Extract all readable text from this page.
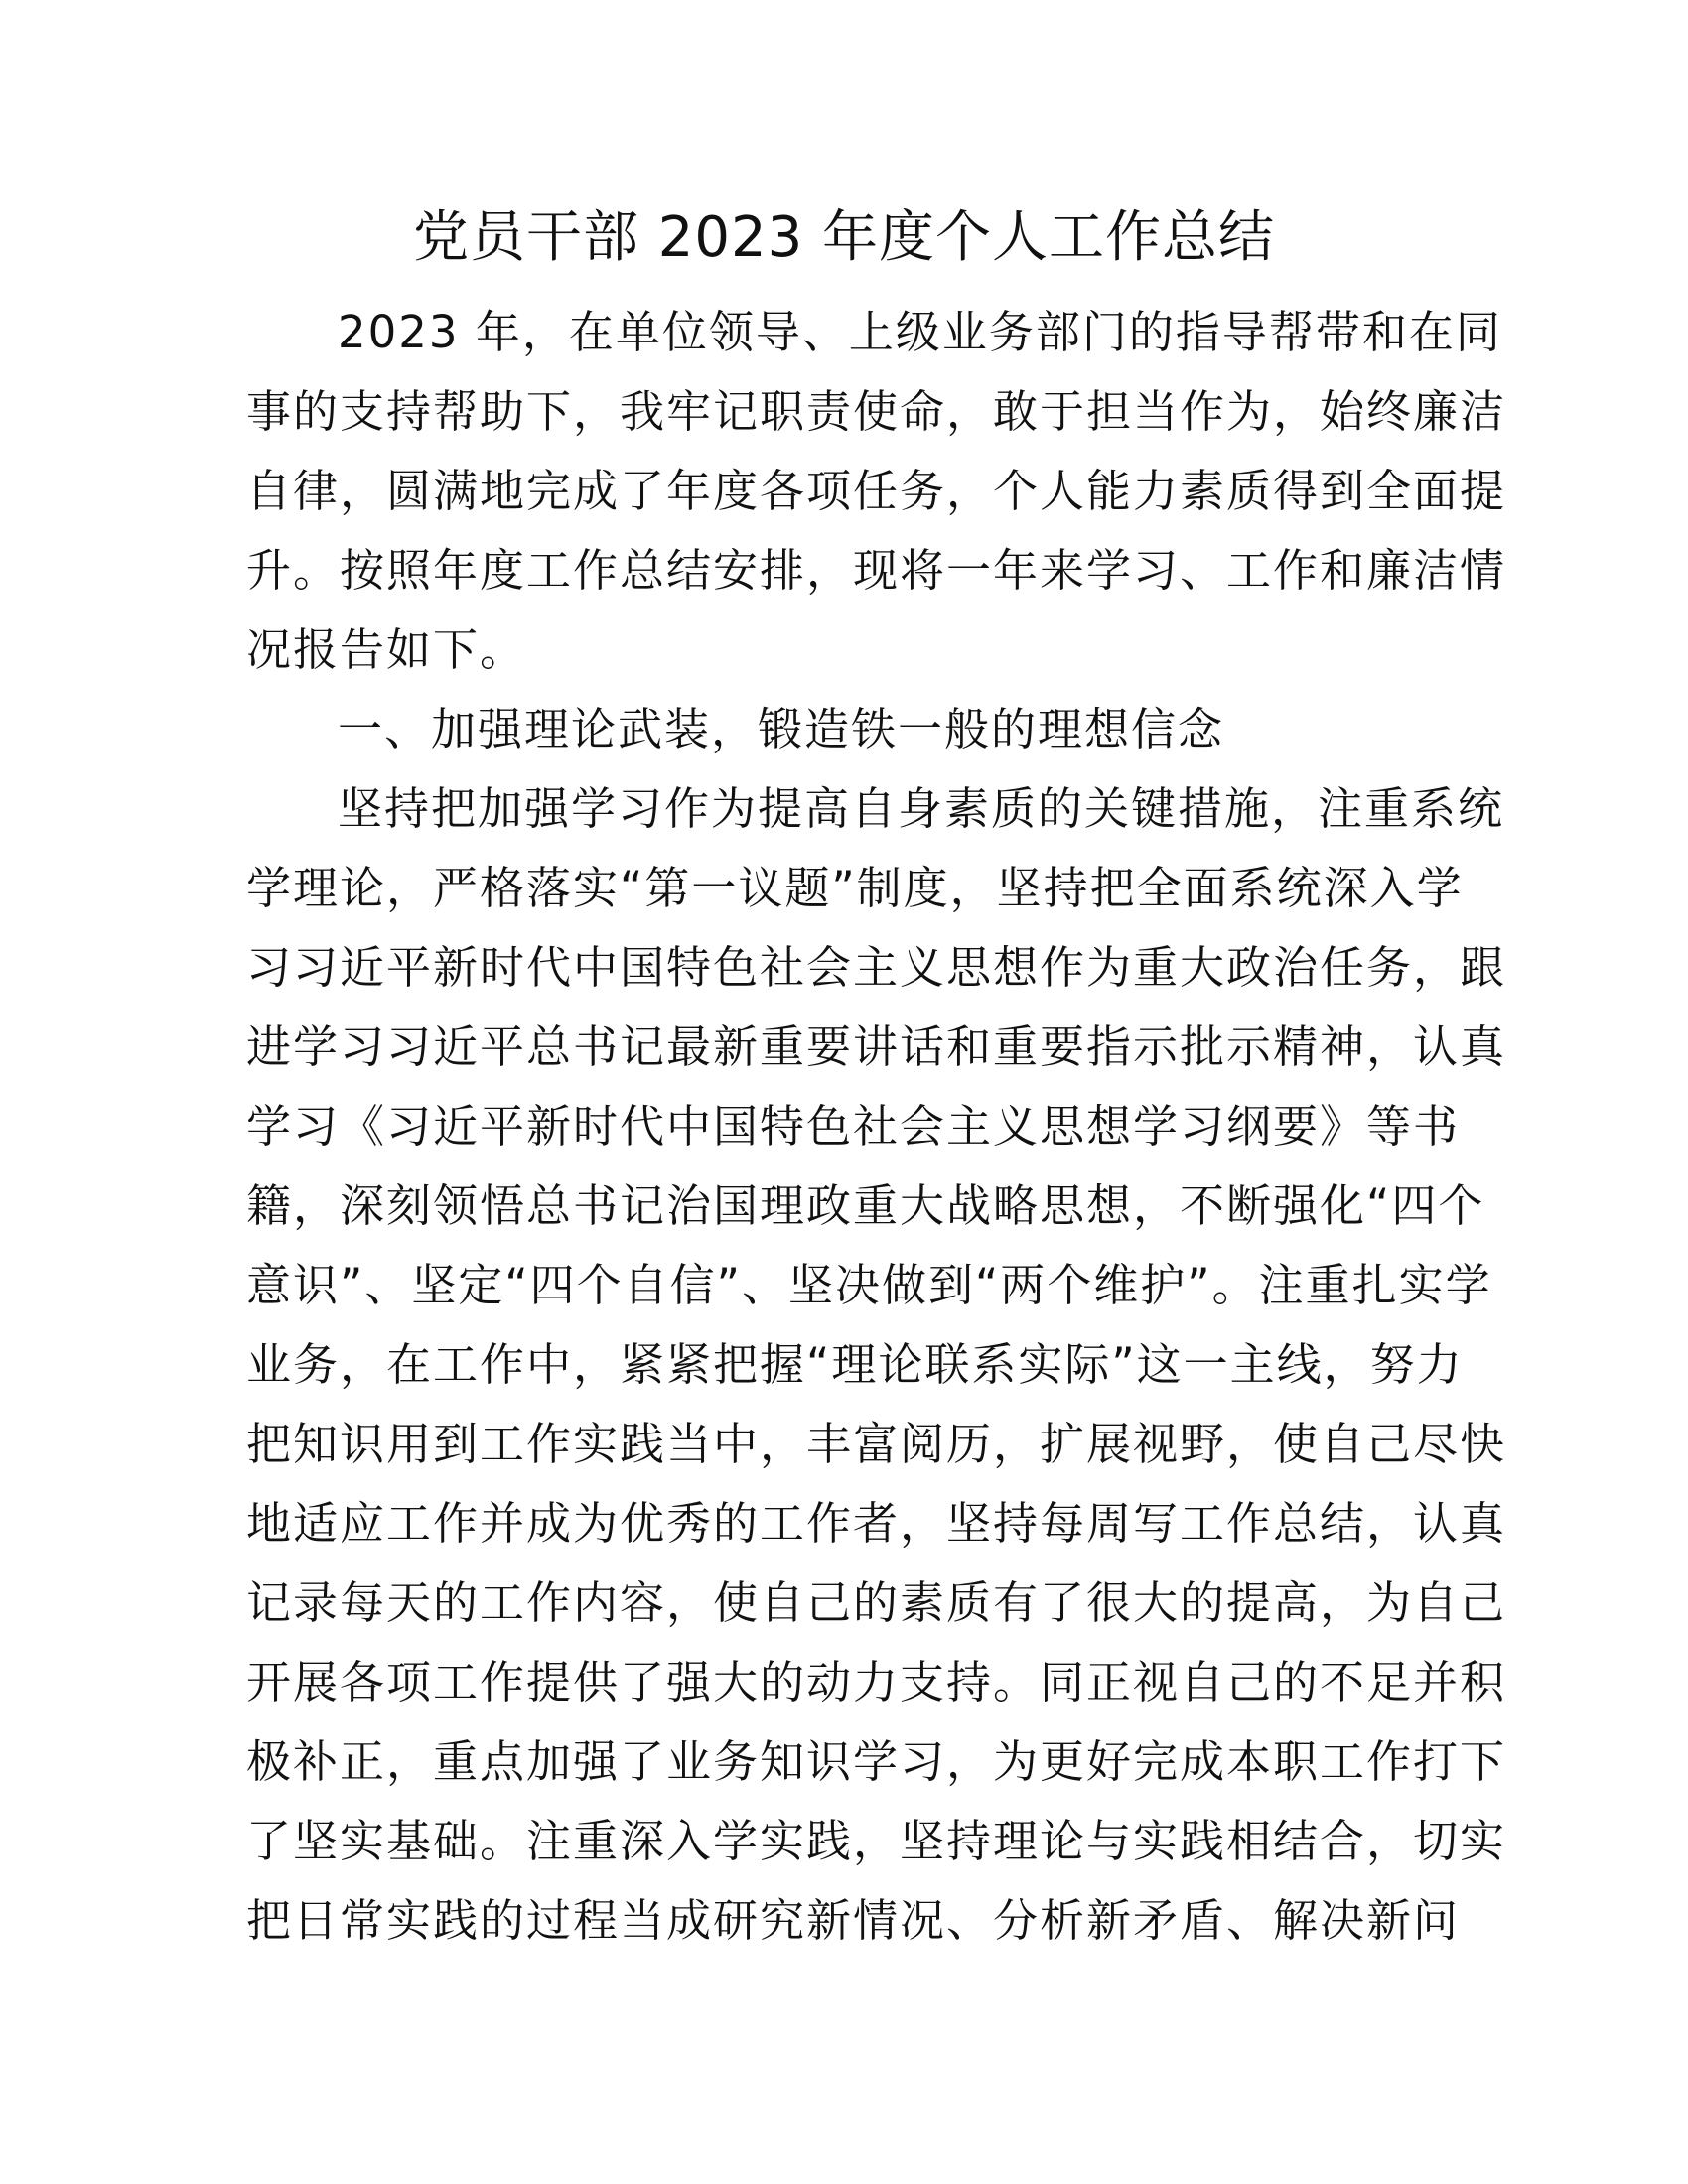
党员干部 2023 年度个人工作总结
2023 年，在单位领导、上级业务部门的指导帮带和在同
事的支持帮助下，我牢记职责使命，敢于担当作为，始终廉洁
自律，圆满地完成了年度各项任务，个人能力素质得到全面提
升。按照年度工作总结安排，现将一年来学习、工作和廉洁情
况报告如下。
一、加强理论武装，锻造铁一般的理想信念
坚持把加强学习作为提高自身素质的关键措施，注重系统
学理论，严格落实“第一议题”制度，坚持把全面系统深入学
习习近平新时代中国特色社会主义思想作为重大政治任务，跟
进学习习近平总书记最新重要讲话和重要指示批示精神，认真
学习《习近平新时代中国特色社会主义思想学习纲要》等书
籍，深刻领悟总书记治国理政重大战略思想，不断强化“四个
意识”、坚定“四个自信”、坚决做到“两个维护”。注重扎实学
业务，在工作中，紧紧把握“理论联系实际”这一主线，努力
把知识用到工作实践当中，丰富阅历，扩展视野，使自己尽快
地适应工作并成为优秀的工作者，坚持每周写工作总结，认真
记录每天的工作内容，使自己的素质有了很大的提高，为自己
开展各项工作提供了强大的动力支持。同正视自己的不足并积
极补正，重点加强了业务知识学习，为更好完成本职工作打下
了坚实基础。注重深入学实践，坚持理论与实践相结合，切实
把日常实践的过程当成研究新情况、分析新矛盾、解决新问
